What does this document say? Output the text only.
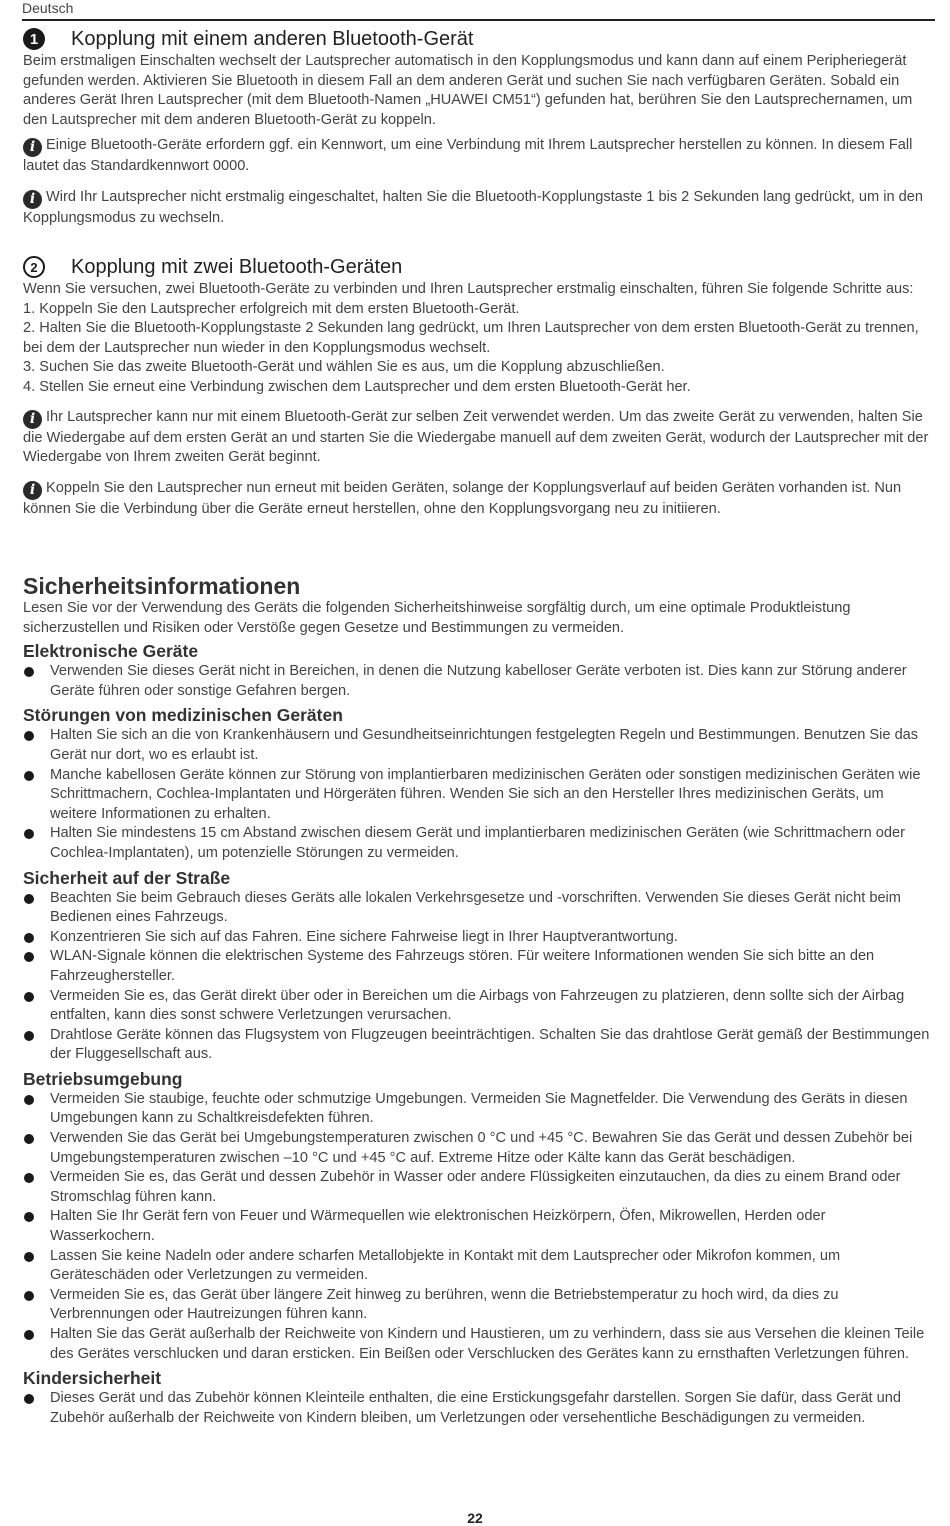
Deutsch
1	Kopplung mit einem anderen Bluetooth-Gerät

Beim erstmaligen Einschalten wechselt der Lautsprecher automatisch in den Kopplungsmodus und kann dann auf einem Peripheriegerät gefunden werden. Aktivieren Sie Bluetooth in diesem Fall an dem anderen Gerät und suchen Sie nach verfügbaren Geräten. Sobald ein anderes Gerät Ihren Lautsprecher (mit dem Bluetooth-Namen „HUAWEI CM51“) gefunden hat, berühren Sie den Lautsprechernamen, um den Lautsprecher mit dem anderen Bluetooth-Gerät zu koppeln.

i Einige Bluetooth-Geräte erfordern ggf. ein Kennwort, um eine Verbindung mit Ihrem Lautsprecher herstellen zu können. In diesem Fall lautet das Standardkennwort 0000.

i Wird Ihr Lautsprecher nicht erstmalig eingeschaltet, halten Sie die Bluetooth-Kopplungstaste 1 bis 2 Sekunden lang gedrückt, um in den Kopplungsmodus zu wechseln.

2	Kopplung mit zwei Bluetooth-Geräten

Wenn Sie versuchen, zwei Bluetooth-Geräte zu verbinden und Ihren Lautsprecher erstmalig einschalten, führen Sie folgende Schritte aus:

1. Koppeln Sie den Lautsprecher erfolgreich mit dem ersten Bluetooth-Gerät.

2. Halten Sie die Bluetooth-Kopplungstaste 2 Sekunden lang gedrückt, um Ihren Lautsprecher von dem ersten Bluetooth-Gerät zu trennen, bei dem der Lautsprecher nun wieder in den Kopplungsmodus wechselt.

3. Suchen Sie das zweite Bluetooth-Gerät und wählen Sie es aus, um die Kopplung abzuschließen.

4. Stellen Sie erneut eine Verbindung zwischen dem Lautsprecher und dem ersten Bluetooth-Gerät her.

i Ihr Lautsprecher kann nur mit einem Bluetooth-Gerät zur selben Zeit verwendet werden. Um das zweite Gerät zu verwenden, halten Sie die Wiedergabe auf dem ersten Gerät an und starten Sie die Wiedergabe manuell auf dem zweiten Gerät, wodurch der Lautsprecher mit der Wiedergabe von Ihrem zweiten Gerät beginnt.

i Koppeln Sie den Lautsprecher nun erneut mit beiden Geräten, solange der Kopplungsverlauf auf beiden Geräten vorhanden ist. Nun können Sie die Verbindung über die Geräte erneut herstellen, ohne den Kopplungsvorgang neu zu initiieren.

Sicherheitsinformationen

Lesen Sie vor der Verwendung des Geräts die folgenden Sicherheitshinweise sorgfältig durch, um eine optimale Produktleistung sicherzustellen und Risiken oder Verstöße gegen Gesetze und Bestimmungen zu vermeiden.

Elektronische Geräte
Verwenden Sie dieses Gerät nicht in Bereichen, in denen die Nutzung kabelloser Geräte verboten ist. Dies kann zur Störung anderer Geräte führen oder sonstige Gefahren bergen.
Störungen von medizinischen Geräten
Halten Sie sich an die von Krankenhäusern und Gesundheitseinrichtungen festgelegten Regeln und Bestimmungen. Benutzen Sie das Gerät nur dort, wo es erlaubt ist.
Manche kabellosen Geräte können zur Störung von implantierbaren medizinischen Geräten oder sonstigen medizinischen Geräten wie Schrittmachern, Cochlea-Implantaten und Hörgeräten führen. Wenden Sie sich an den Hersteller Ihres medizinischen Geräts, um weitere Informationen zu erhalten.
Halten Sie mindestens 15 cm Abstand zwischen diesem Gerät und implantierbaren medizinischen Geräten (wie Schrittmachern oder Cochlea-Implantaten), um potenzielle Störungen zu vermeiden.
Sicherheit auf der Straße
Beachten Sie beim Gebrauch dieses Geräts alle lokalen Verkehrsgesetze und -vorschriften. Verwenden Sie dieses Gerät nicht beim Bedienen eines Fahrzeugs.
Konzentrieren Sie sich auf das Fahren. Eine sichere Fahrweise liegt in Ihrer Hauptverantwortung.
WLAN-Signale können die elektrischen Systeme des Fahrzeugs stören. Für weitere Informationen wenden Sie sich bitte an den Fahrzeughersteller.
Vermeiden Sie es, das Gerät direkt über oder in Bereichen um die Airbags von Fahrzeugen zu platzieren, denn sollte sich der Airbag entfalten, kann dies sonst schwere Verletzungen verursachen.
Drahtlose Geräte können das Flugsystem von Flugzeugen beeinträchtigen. Schalten Sie das drahtlose Gerät gemäß der Bestimmungen der Fluggesellschaft aus.
Betriebsumgebung
Vermeiden Sie staubige, feuchte oder schmutzige Umgebungen. Vermeiden Sie Magnetfelder. Die Verwendung des Geräts in diesen Umgebungen kann zu Schaltkreisdefekten führen.
Verwenden Sie das Gerät bei Umgebungstemperaturen zwischen 0 °C und +45 °C. Bewahren Sie das Gerät und dessen Zubehör bei Umgebungstemperaturen zwischen –10 °C und +45 °C auf. Extreme Hitze oder Kälte kann das Gerät beschädigen.
Vermeiden Sie es, das Gerät und dessen Zubehör in Wasser oder andere Flüssigkeiten einzutauchen, da dies zu einem Brand oder Stromschlag führen kann.
Halten Sie Ihr Gerät fern von Feuer und Wärmequellen wie elektronischen Heizkörpern, Öfen, Mikrowellen, Herden oder Wasserkochern.
Lassen Sie keine Nadeln oder andere scharfen Metallobjekte in Kontakt mit dem Lautsprecher oder Mikrofon kommen, um Geräteschäden oder Verletzungen zu vermeiden.
Vermeiden Sie es, das Gerät über längere Zeit hinweg zu berühren, wenn die Betriebstemperatur zu hoch wird, da dies zu Verbrennungen oder Hautreizungen führen kann.
Halten Sie das Gerät außerhalb der Reichweite von Kindern und Haustieren, um zu verhindern, dass sie aus Versehen die kleinen Teile des Gerätes verschlucken und daran ersticken. Ein Beißen oder Verschlucken des Gerätes kann zu ernsthaften Verletzungen führen.
Kindersicherheit
Dieses Gerät und das Zubehör können Kleinteile enthalten, die eine Erstickungsgefahr darstellen. Sorgen Sie dafür, dass Gerät und Zubehör außerhalb der Reichweite von Kindern bleiben, um Verletzungen oder versehentliche Beschädigungen zu vermeiden.
22
